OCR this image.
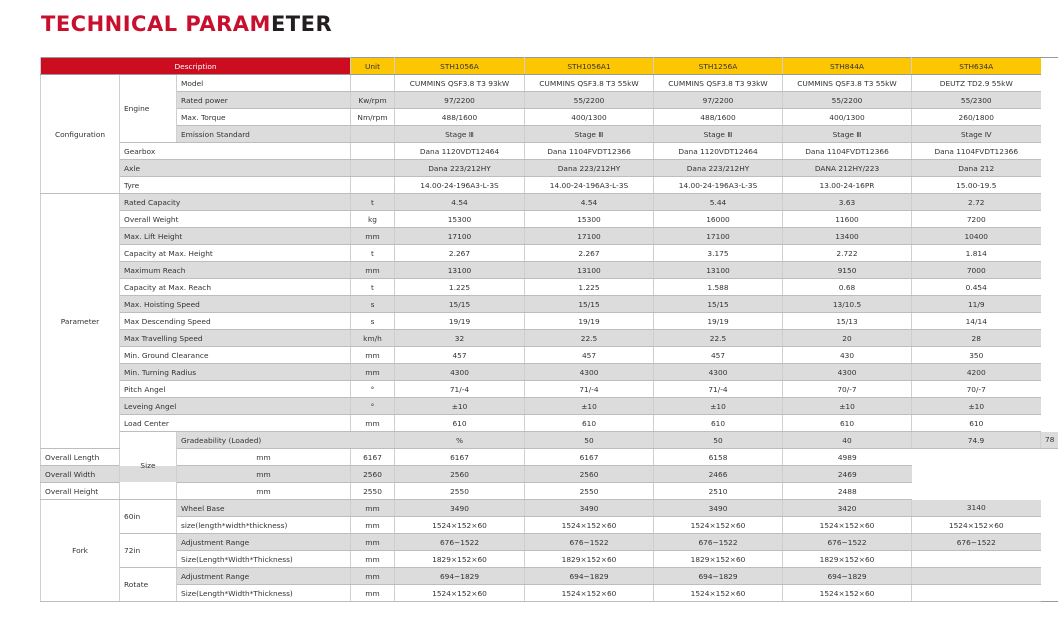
TECHNICAL PARAMETER
Description			Unit	STH1056A	STH1056A1	STH1256A	STH844A	STH634A	
Configuration	Engine	Model		CUMMINS QSF3.8 T3 93kW	CUMMINS QSF3.8 T3 55kW	CUMMINS QSF3.8 T3 93kW	CUMMINS QSF3.8 T3 55kW	DEUTZ TD2.9 55kW	
		Rated power	Kw/rpm	97/2200	55/2200	97/2200	55/2200	55/2300	
		Max. Torque	Nm/rpm	488/1600	400/1300	488/1600	400/1300	260/1800	
		Emission Standard		Stage Ⅲ	Stage Ⅲ	Stage Ⅲ	Stage Ⅲ	Stage Ⅳ	
	Gearbox			Dana 1120VDT12464	Dana 1104FVDT12366	Dana 1120VDT12464	Dana 1104FVDT12366	Dana 1104FVDT12366	
	Axle			Dana 223/212HY	Dana 223/212HY	Dana 223/212HY	DANA 212HY/223	Dana 212	
	Tyre			14.00-24-196A3-L-3S	14.00-24-196A3-L-3S	14.00-24-196A3-L-3S	13.00-24-16PR	15.00-19.5	
Parameter	Rated Capacity		t	4.54	4.54	5.44	3.63	2.72	
	Overall Weight		kg	15300	15300	16000	11600	7200	
	Max. Lift Height		mm	17100	17100	17100	13400	10400	
	Capacity at Max. Height		t	2.267	2.267	3.175	2.722	1.814	
	Maximum Reach		mm	13100	13100	13100	9150	7000	
	Capacity at Max. Reach		t	1.225	1.225	1.588	0.68	0.454	
	Max. Hoisting Speed		s	15/15	15/15	15/15	13/10.5	11/9	
	Max Descending Speed		s	19/19	19/19	19/19	15/13	14/14	
	Max Travelling Speed		km/h	32	22.5	22.5	20	28	
	Min. Ground Clearance		mm	457	457	457	430	350	
	Min. Turning Radius		mm	4300	4300	4300	4300	4200	
	Pitch Angel		°	71/-4	71/-4	71/-4	70/-7	70/-7	
	Leveing Angel		°	±10	±10	±10	±10	±10	
	Load Center		mm	610	610	610	610	610	
	Size	Gradeability (Loaded)		%	50	50	40	74.9	78
Overall Length		mm	6167	6167	6167	6158	4989		
Overall Width		mm	2560	2560	2560	2466	2469		
Overall Height		mm	2550	2550	2550	2510	2488		
Fork	60in	Wheel Base	mm	3490	3490	3490	3420	3140	
		size(length*width*thickness)	mm	1524×152×60	1524×152×60	1524×152×60	1524×152×60	1524×152×60	
	72in	Adjustment Range	mm	676~1522	676~1522	676~1522	676~1522	676~1522	
		Size(Length*Width*Thickness)	mm	1829×152×60	1829×152×60	1829×152×60	1829×152×60		
	Rotate	Adjustment Range	mm	694~1829	694~1829	694~1829	694~1829		
		Size(Length*Width*Thickness)	mm	1524×152×60	1524×152×60	1524×152×60	1524×152×60		
